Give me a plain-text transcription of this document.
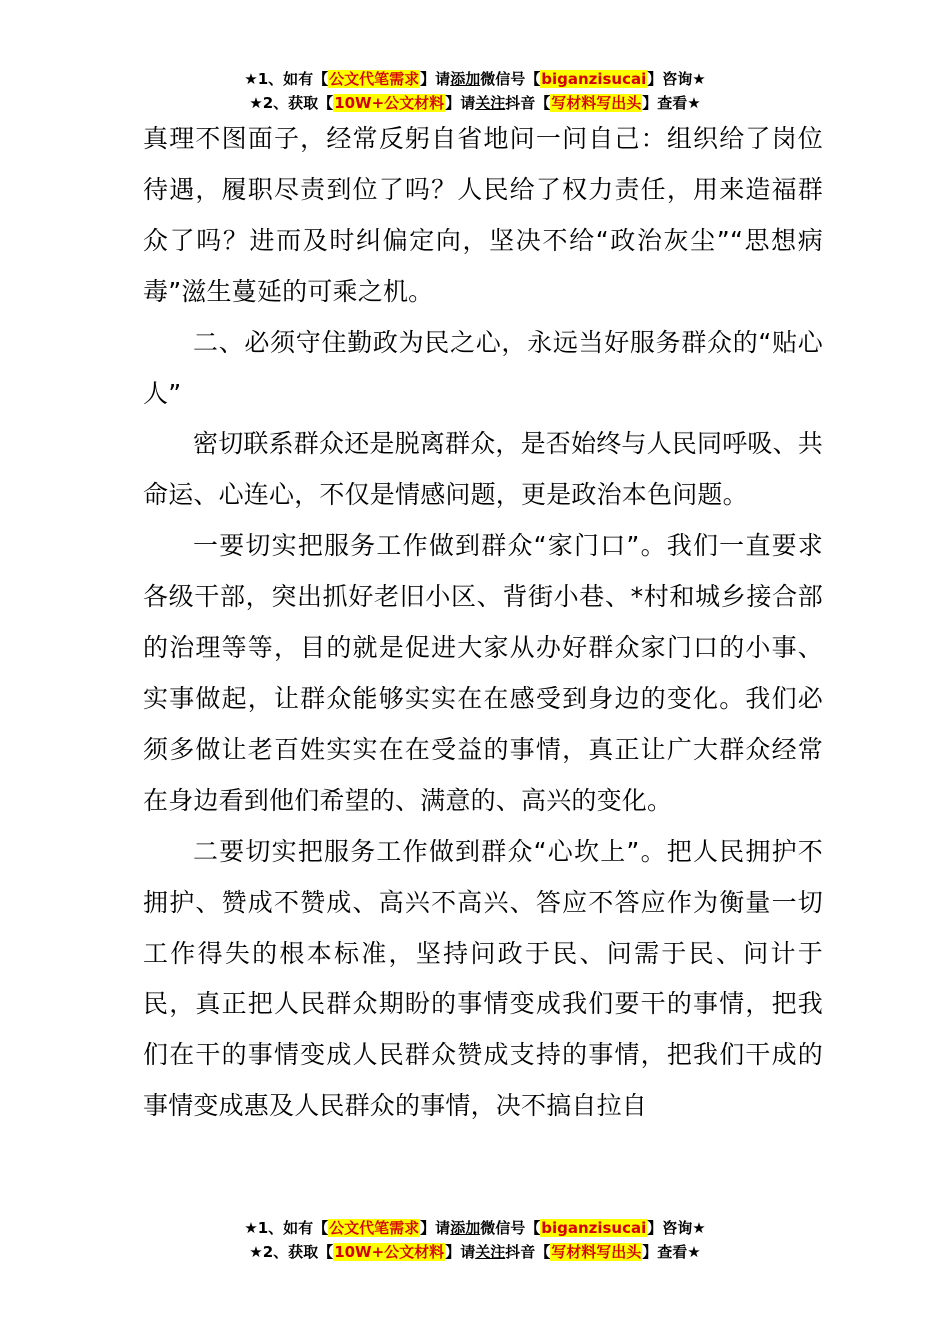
★1、如有【公文代笔需求】请添加微信号【biganzisucai】咨询★
★2、获取【10W+公文材料】请关注抖音【写材料写出头】查看★

真理不图面子，经常反躬自省地问一问自己：组织给了岗位待遇，履职尽责到位了吗？人民给了权力责任，用来造福群众了吗？进而及时纠偏定向，坚决不给“政治灰尘”“思想病毒”滋生蔓延的可乘之机。

二、必须守住勤政为民之心，永远当好服务群众的“贴心人”

密切联系群众还是脱离群众，是否始终与人民同呼吸、共命运、心连心，不仅是情感问题，更是政治本色问题。

一要切实把服务工作做到群众“家门口”。我们一直要求各级干部，突出抓好老旧小区、背街小巷、*村和城乡接合部的治理等等，目的就是促进大家从办好群众家门口的小事、实事做起，让群众能够实实在在感受到身边的变化。我们必须多做让老百姓实实在在受益的事情，真正让广大群众经常在身边看到他们希望的、满意的、高兴的变化。

二要切实把服务工作做到群众“心坎上”。把人民拥护不拥护、赞成不赞成、高兴不高兴、答应不答应作为衡量一切工作得失的根本标准，坚持问政于民、问需于民、问计于民，真正把人民群众期盼的事情变成我们要干的事情，把我们在干的事情变成人民群众赞成支持的事情，把我们干成的事情变成惠及人民群众的事情，决不搞自拉自

★1、如有【公文代笔需求】请添加微信号【biganzisucai】咨询★
★2、获取【10W+公文材料】请关注抖音【写材料写出头】查看★
